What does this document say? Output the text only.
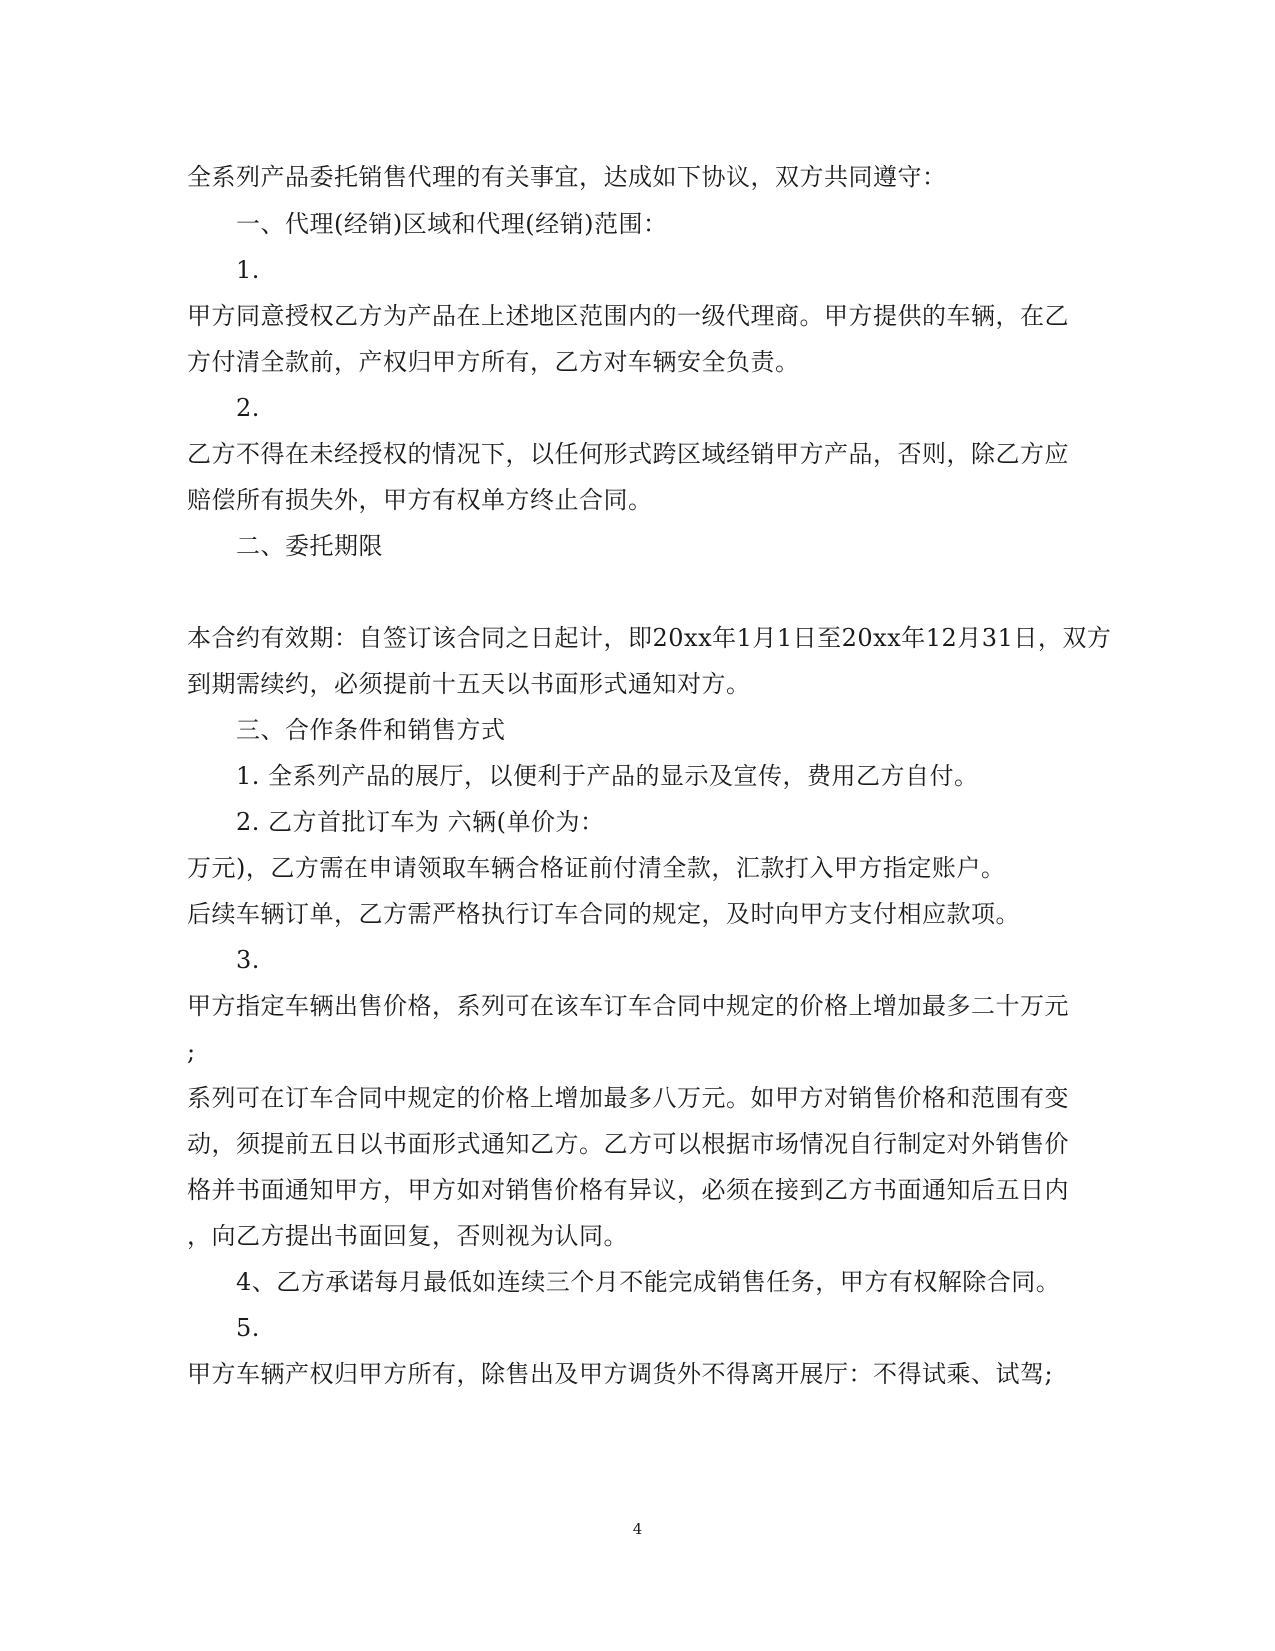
全系列产品委托销售代理的有关事宜，达成如下协议，双方共同遵守：
一、代理(经销)区域和代理(经销)范围：
1.
甲方同意授权乙方为产品在上述地区范围内的一级代理商。甲方提供的车辆，在乙
方付清全款前，产权归甲方所有，乙方对车辆安全负责。
2.
乙方不得在未经授权的情况下，以任何形式跨区域经销甲方产品，否则，除乙方应
赔偿所有损失外，甲方有权单方终止合同。
二、委托期限
本合约有效期：自签订该合同之日起计，即20xx年1月1日至20xx年12月31日，双方
到期需续约，必须提前十五天以书面形式通知对方。
三、合作条件和销售方式
1. 全系列产品的展厅，以便利于产品的显示及宣传，费用乙方自付。
2. 乙方首批订车为 六辆(单价为：
万元)，乙方需在申请领取车辆合格证前付清全款，汇款打入甲方指定账户。
后续车辆订单，乙方需严格执行订车合同的规定，及时向甲方支付相应款项。
3.
甲方指定车辆出售价格，系列可在该车订车合同中规定的价格上增加最多二十万元
;
系列可在订车合同中规定的价格上增加最多八万元。如甲方对销售价格和范围有变
动，须提前五日以书面形式通知乙方。乙方可以根据市场情况自行制定对外销售价
格并书面通知甲方，甲方如对销售价格有异议，必须在接到乙方书面通知后五日内
，向乙方提出书面回复，否则视为认同。
4、乙方承诺每月最低如连续三个月不能完成销售任务，甲方有权解除合同。
5.
甲方车辆产权归甲方所有，除售出及甲方调货外不得离开展厅：不得试乘、试驾;
4
